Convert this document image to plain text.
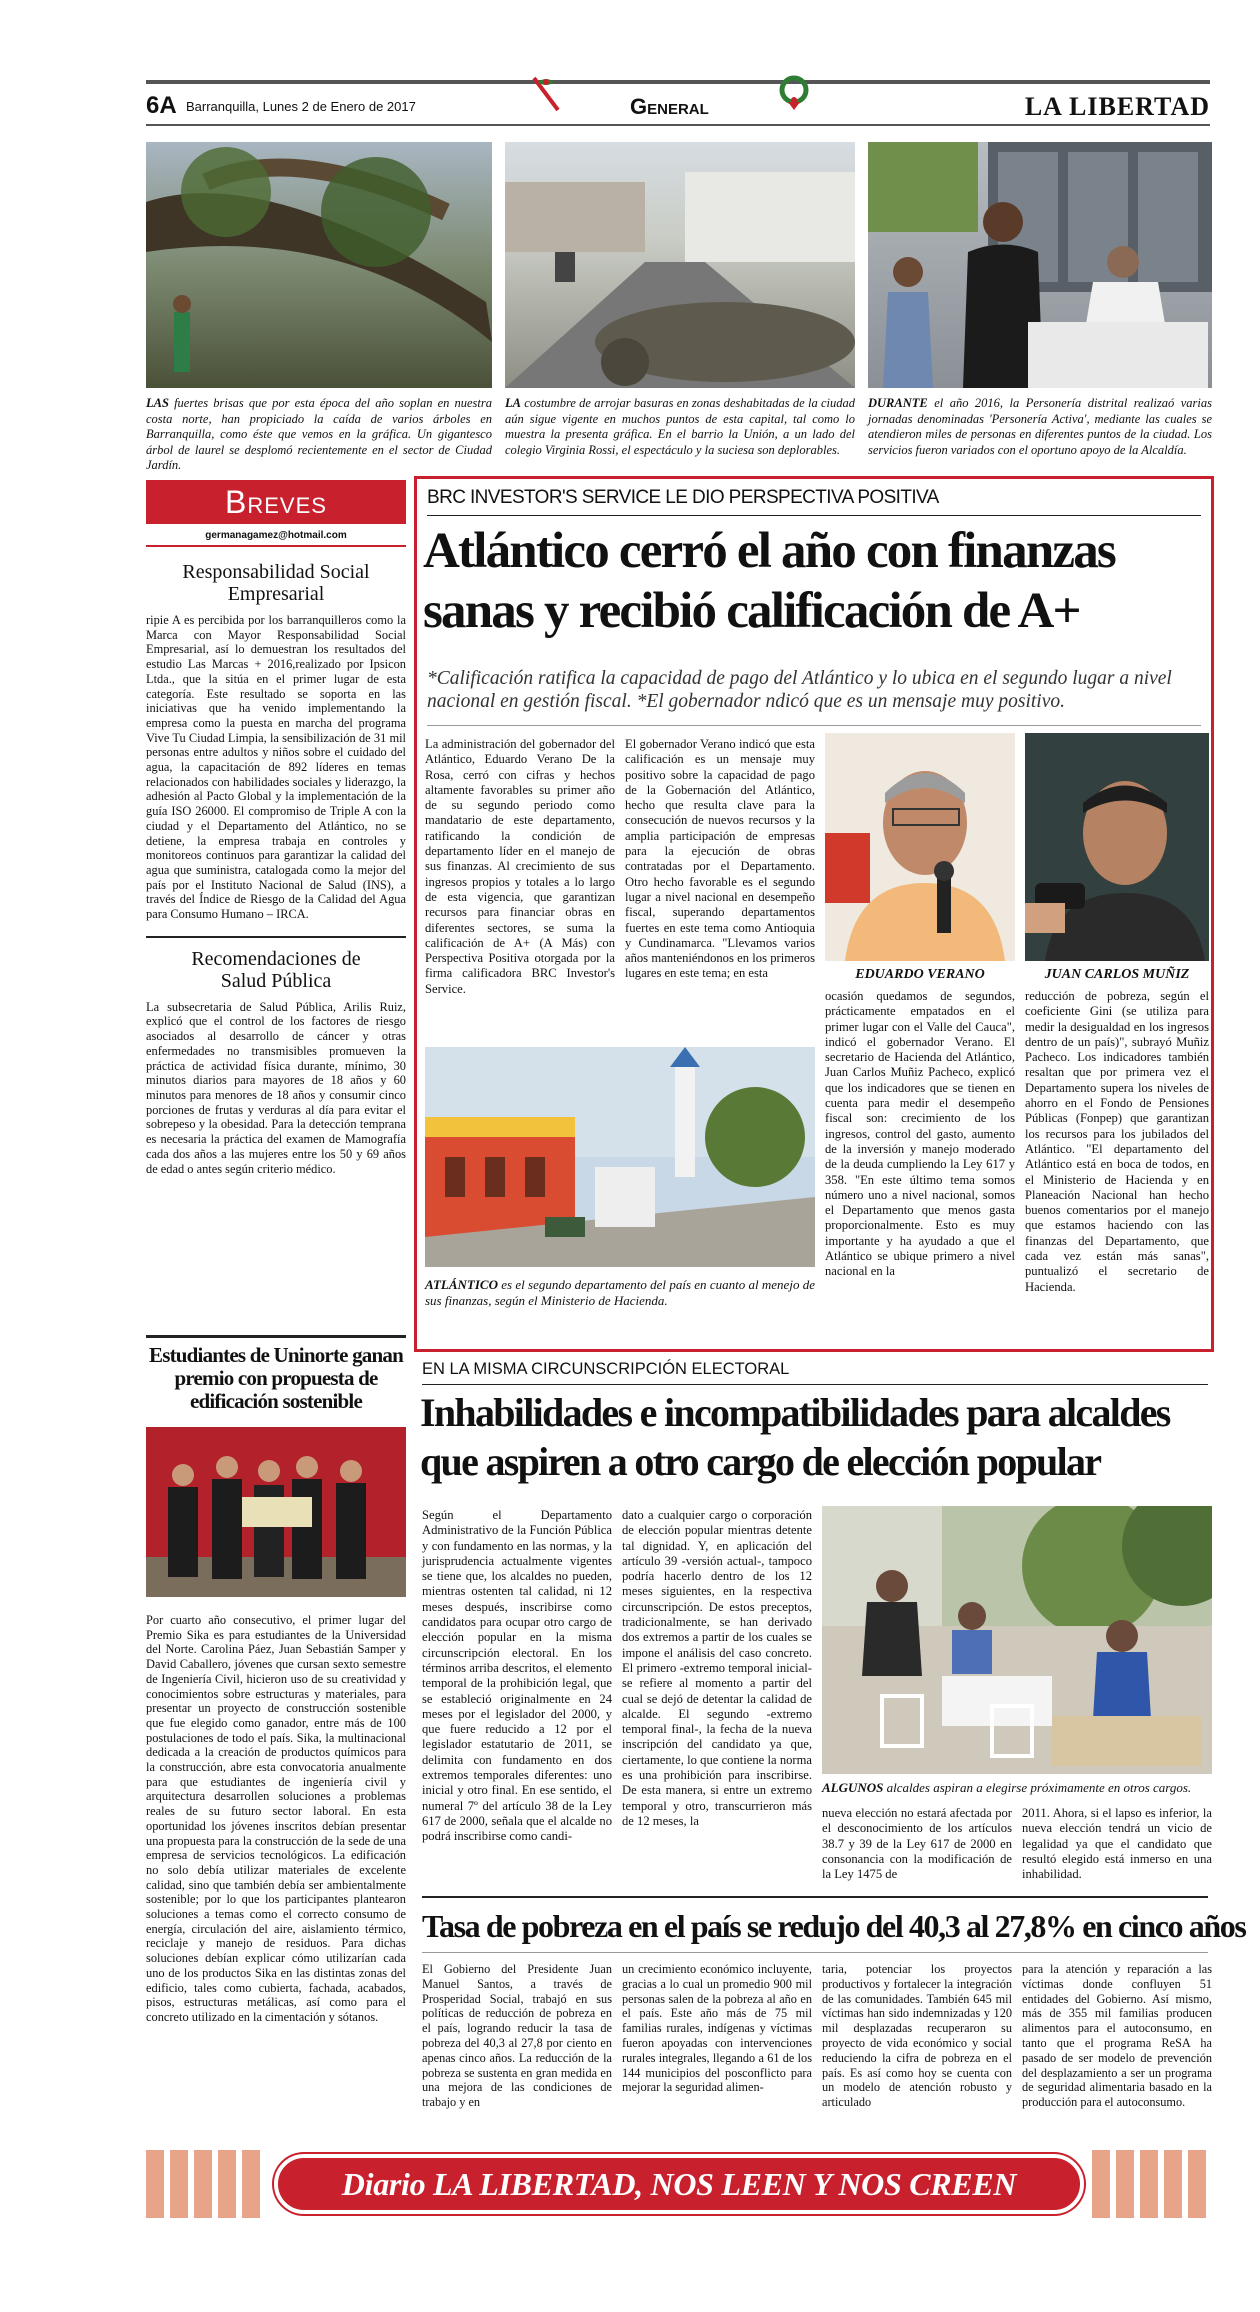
6A Barranquilla, Lunes 2 de Enero de 2017	General	LA LIBERTAD
LAS fuertes brisas que por esta época del año soplan en nuestra costa norte, han propiciado la caída de varios árboles en Barranquilla, como éste que vemos en la gráfica. Un gigantesco árbol de laurel se desplomó recientemente en el sector de Ciudad Jardín.
LA costumbre de arrojar basuras en zonas deshabitadas de la ciudad aún sigue vigente en muchos puntos de esta capital, tal como lo muestra la presenta gráfica. En el barrio la Unión, a un lado del colegio Virginia Rossi, el espectáculo y la suciesa son deplorables.
DURANTE el año 2016, la Personería distrital realizaó varias jornadas denominadas 'Personería Activa', mediante las cuales se atendieron miles de personas en diferentes puntos de la ciudad. Los servicios fueron variados con el oportuno apoyo de la Alcaldía.
Breves
germanagamez@hotmail.com
Responsabilidad Social Empresarial
ripie A es percibida por los barranquilleros como la Marca con Mayor Responsabilidad Social Empresarial, así lo demuestran los resultados del estudio Las Marcas + 2016,realizado por Ipsicon Ltda., que la sitúa en el primer lugar de esta categoría. Este resultado se soporta en las iniciativas que ha venido implementando la empresa como la puesta en marcha del programa Vive Tu Ciudad Limpia, la sensibilización de 31 mil personas entre adultos y niños sobre el cuidado del agua, la capacitación de 892 líderes en temas relacionados con habilidades sociales y liderazgo, la adhesión al Pacto Global y la implementación de la guía ISO 26000. El compromiso de Triple A con la ciudad y el Departamento del Atlántico, no se detiene, la empresa trabaja en controles y monitoreos continuos para garantizar la calidad del agua que suministra, catalogada como la mejor del país por el Instituto Nacional de Salud (INS), a través del Índice de Riesgo de la Calidad del Agua para Consumo Humano – IRCA.
Recomendaciones de Salud Pública
La subsecretaria de Salud Pública, Arilis Ruiz, explicó que el control de los factores de riesgo asociados al desarrollo de cáncer y otras enfermedades no transmisibles promueven la práctica de actividad física durante, mínimo, 30 minutos diarios para mayores de 18 años y 60 minutos para menores de 18 años y consumir cinco porciones de frutas y verduras al día para evitar el sobrepeso y la obesidad. Para la detección temprana es necesaria la práctica del examen de Mamografía cada dos años a las mujeres entre los 50 y 69 años de edad o antes según criterio médico.
Estudiantes de Uninorte ganan premio con propuesta de edificación sostenible
Por cuarto año consecutivo, el primer lugar del Premio Sika es para estudiantes de la Universidad del Norte. Carolina Páez, Juan Sebastián Samper y David Caballero, jóvenes que cursan sexto semestre de Ingeniería Civil, hicieron uso de su creatividad y conocimientos sobre estructuras y materiales, para presentar un proyecto de construcción sostenible que fue elegido como ganador, entre más de 100 postulaciones de todo el país. Sika, la multinacional dedicada a la creación de productos químicos para la construcción, abre esta convocatoria anualmente para que estudiantes de ingeniería civil y arquitectura desarrollen soluciones a problemas reales de su futuro sector laboral. En esta oportunidad los jóvenes inscritos debían presentar una propuesta para la construcción de la sede de una empresa de servicios tecnológicos. La edificación no solo debía utilizar materiales de excelente calidad, sino que también debía ser ambientalmente sostenible; por lo que los participantes plantearon soluciones a temas como el correcto consumo de energía, circulación del aire, aislamiento térmico, reciclaje y manejo de residuos. Para dichas soluciones debían explicar cómo utilizarían cada uno de los productos Sika en las distintas zonas del edificio, tales como cubierta, fachada, acabados, pisos, estructuras metálicas, así como para el concreto utilizado en la cimentación y sótanos.
BRC INVESTOR'S SERVICE LE DIO PERSPECTIVA POSITIVA
Atlántico cerró el año con finanzas sanas y recibió calificación de A+
*Calificación ratifica la capacidad de pago del Atlántico y lo ubica en el segundo lugar a nivel nacional en gestión fiscal. *El gobernador ndicó que es un mensaje muy positivo.
La administración del gobernador del Atlántico, Eduardo Verano De la Rosa, cerró con cifras y hechos altamente favorables su primer año de su segundo periodo como mandatario de este departamento, ratificando la condición de departamento líder en el manejo de sus finanzas. Al crecimiento de sus ingresos propios y totales a lo largo de esta vigencia, que garantizan recursos para financiar obras en diferentes sectores, se suma la calificación de A+ (A Más) con Perspectiva Positiva otorgada por la firma calificadora BRC Investor's Service.
El gobernador Verano indicó que esta calificación es un mensaje muy positivo sobre la capacidad de pago de la Gobernación del Atlántico, hecho que resulta clave para la consecución de nuevos recursos y la amplia participación de empresas para la ejecución de obras contratadas por el Departamento. Otro hecho favorable es el segundo lugar a nivel nacional en desempeño fiscal, superando departamentos fuertes en este tema como Antioquia y Cundinamarca. "Llevamos varios años manteniéndonos en los primeros lugares en este tema; en esta	EDUARDO VERANO	JUAN CARLOS MUÑIZ
ocasión quedamos de segundos, prácticamente empatados en el primer lugar con el Valle del Cauca", indicó el gobernador Verano. El secretario de Hacienda del Atlántico, Juan Carlos Muñiz Pacheco, explicó que los indicadores que se tienen en cuenta para medir el desempeño fiscal son: crecimiento de los ingresos, control del gasto, aumento de la inversión y manejo moderado de la deuda cumpliendo la Ley 617 y 358. "En este último tema somos número uno a nivel nacional, somos el Departamento que menos gasta proporcionalmente. Esto es muy importante y ha ayudado a que el Atlántico se ubique primero a nivel nacional en la
reducción de pobreza, según el coeficiente Gini (se utiliza para medir la desigualdad en los ingresos dentro de un país)", subrayó Muñiz Pacheco. Los indicadores también resaltan que por primera vez el Departamento supera los niveles de ahorro en el Fondo de Pensiones Públicas (Fonpep) que garantizan los recursos para los jubilados del Atlántico. "El departamento del Atlántico está en boca de todos, en el Ministerio de Hacienda y en Planeación Nacional han hecho buenos comentarios por el manejo que estamos haciendo con las finanzas del Departamento, que cada vez están más sanas", puntualizó el secretario de Hacienda.
ATLÁNTICO es el segundo departamento del país en cuanto al menejo de sus finanzas, según el Ministerio de Hacienda.
EN LA MISMA CIRCUNSCRIPCIÓN ELECTORAL
Inhabilidades e incompatibilidades para alcaldes que aspiren a otro cargo de elección popular
Según el Departamento Administrativo de la Función Pública y con fundamento en las normas, y la jurisprudencia actualmente vigentes se tiene que, los alcaldes no pueden, mientras ostenten tal calidad, ni 12 meses después, inscribirse como candidatos para ocupar otro cargo de elección popular en la misma circunscripción electoral. En los términos arriba descritos, el elemento temporal de la prohibición legal, que se estableció originalmente en 24 meses por el legislador del 2000, y que fuere reducido a 12 por el legislador estatutario de 2011, se delimita con fundamento en dos extremos temporales diferentes: uno inicial y otro final. En ese sentido, el numeral 7º del artículo 38 de la Ley 617 de 2000, señala que el alcalde no podrá inscribirse como candi-
dato a cualquier cargo o corporación de elección popular mientras detente tal dignidad. Y, en aplicación del artículo 39 -versión actual-, tampoco podría hacerlo dentro de los 12 meses siguientes, en la respectiva circunscripción. De estos preceptos, tradicionalmente, se han derivado dos extremos a partir de los cuales se impone el análisis del caso concreto. El primero -extremo temporal inicial- se refiere al momento a partir del cual se dejó de detentar la calidad de alcalde. El segundo -extremo temporal final-, la fecha de la nueva inscripción del candidato ya que, ciertamente, lo que contiene la norma es una prohibición para inscribirse. De esta manera, si entre un extremo temporal y otro, transcurrieron más de 12 meses, la
ALGUNOS alcaldes aspiran a elegirse próximamente en otros cargos.
nueva elección no estará afectada por el desconocimiento de los artículos 38.7 y 39 de la Ley 617 de 2000 en consonancia con la modificación de la Ley 1475 de
2011. Ahora, si el lapso es inferior, la nueva elección tendrá un vicio de legalidad ya que el candidato que resultó elegido está inmerso en una inhabilidad.
Tasa de pobreza en el país se redujo del 40,3 al 27,8% en cinco años
El Gobierno del Presidente Juan Manuel Santos, a través de Prosperidad Social, trabajó en sus políticas de reducción de pobreza en el país, logrando reducir la tasa de pobreza del 40,3 al 27,8 por ciento en apenas cinco años. La reducción de la pobreza se sustenta en gran medida en una mejora de las condiciones de trabajo y en
un crecimiento económico incluyente, gracias a lo cual un promedio 900 mil personas salen de la pobreza al año en el país. Este año más de 75 mil familias rurales, indígenas y víctimas fueron apoyadas con intervenciones rurales integrales, llegando a 61 de los 144 municipios del posconflicto para mejorar la seguridad alimen-
taria, potenciar los proyectos productivos y fortalecer la integración de las comunidades. También 645 mil víctimas han sido indemnizadas y 120 mil desplazadas recuperaron su proyecto de vida económico y social reduciendo la cifra de pobreza en el país. Es así como hoy se cuenta con un modelo de atención robusto y articulado
para la atención y reparación a las víctimas donde confluyen 51 entidades del Gobierno. Así mismo, más de 355 mil familias producen alimentos para el autoconsumo, en tanto que el programa ReSA ha pasado de ser modelo de prevención del desplazamiento a ser un programa de seguridad alimentaria basado en la producción para el autoconsumo.
Diario LA LIBERTAD, NOS LEEN Y NOS CREEN
